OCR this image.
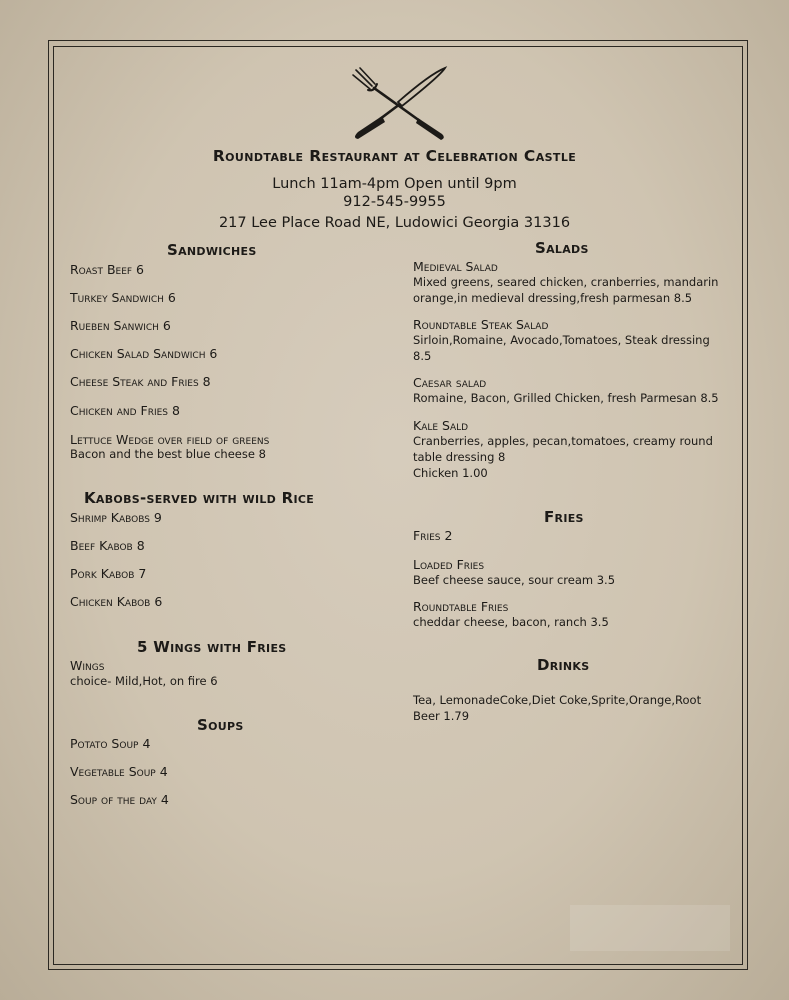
Roundtable Restaurant at Celebration Castle
Lunch 11am-4pm Open until 9pm
912-545-9955
217 Lee Place Road NE, Ludowici Georgia 31316
Sandwiches
Roast Beef 6
Turkey Sandwich 6
Rueben Sanwich 6
Chicken Salad Sandwich 6
Cheese Steak and Fries 8
Chicken and Fries 8
Lettuce Wedge over field of greens
Bacon and the best blue cheese 8
Kabobs-served with wild Rice
Shrimp Kabobs 9
Beef Kabob 8
Pork Kabob 7
Chicken Kabob 6
5 Wings with Fries
Wings
choice- Mild,Hot, on fire 6
Soups
Potato Soup 4
Vegetable Soup 4
Soup of the day 4
Salads
Medieval Salad
Mixed greens, seared chicken, cranberries, mandarin
orange,in medieval dressing,fresh parmesan 8.5
Roundtable Steak Salad
Sirloin,Romaine, Avocado,Tomatoes, Steak dressing
8.5
Caesar salad
Romaine, Bacon, Grilled Chicken, fresh Parmesan 8.5
Kale Sald
Cranberries, apples, pecan,tomatoes, creamy round
table dressing 8
Chicken 1.00
Fries
Fries 2
Loaded Fries
Beef cheese sauce, sour cream 3.5
Roundtable Fries
cheddar cheese, bacon, ranch 3.5
Drinks
Tea, LemonadeCoke,Diet Coke,Sprite,Orange,Root
Beer 1.79
